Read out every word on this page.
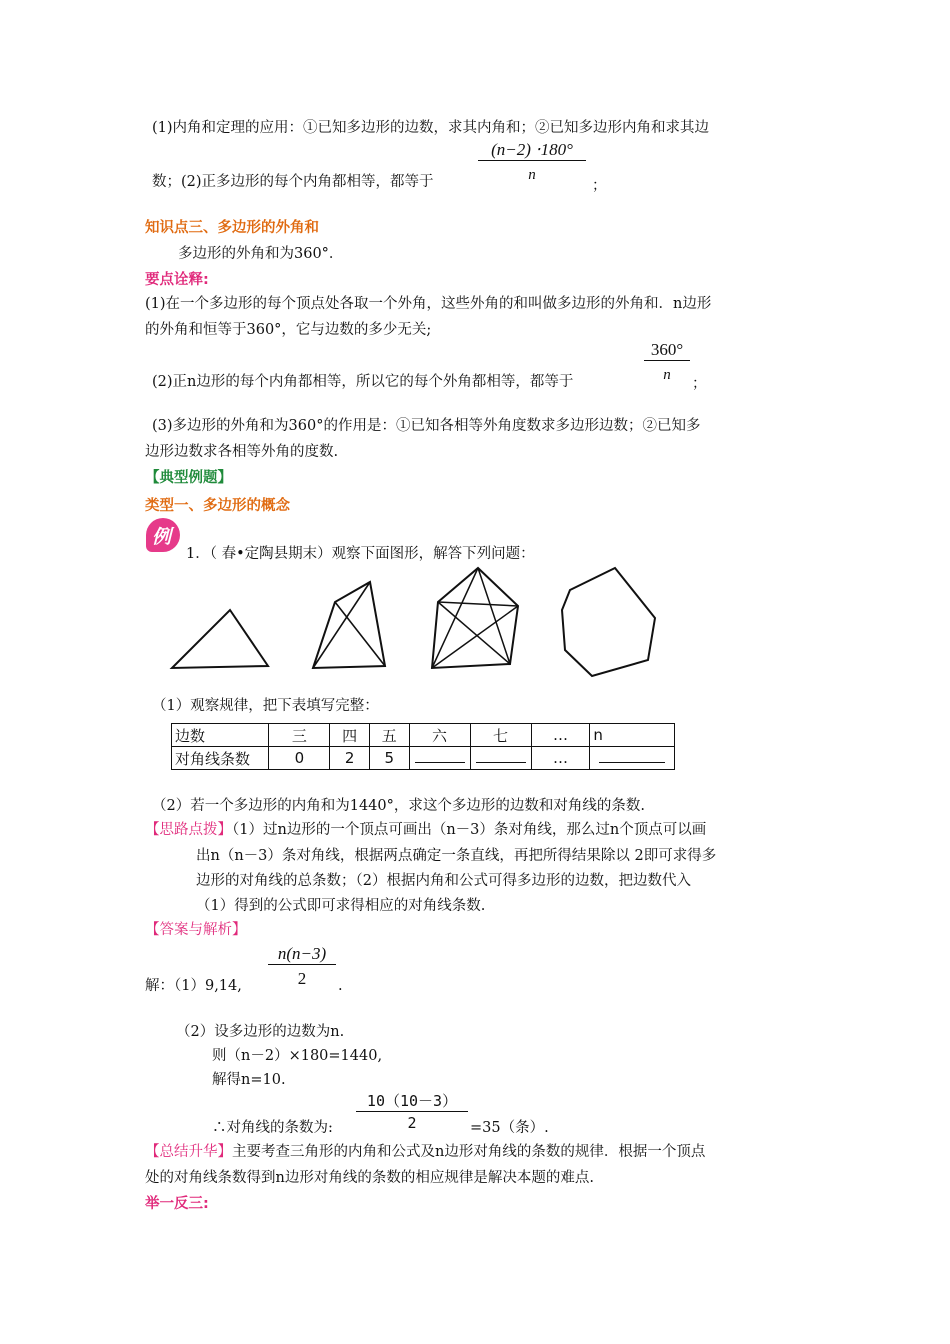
(1)内角和定理的应用：①已知多边形的边数，求其内角和；②已知多边形内角和求其边
$\frac{(n-2) \cdot 180^\circ}{n}$
数；(2)正多边形的每个内角都相等，都等于	；
知识点三、多边形的外角和
多边形的外角和为360°．
要点诠释:
(1)在一个多边形的每个顶点处各取一个外角，这些外角的和叫做多边形的外角和．n边形
的外角和恒等于360°，它与边数的多少无关;
$\frac{360^\circ}{n}$
(2)正n边形的每个内角都相等，所以它的每个外角都相等，都等于	；
(3)多边形的外角和为360°的作用是：①已知各相等外角度数求多边形边数；②已知多
边形边数求各相等外角的度数.
【典型例题】
类型一、多边形的概念
例
1．（ 春•定陶县期末）观察下面图形，解答下列问题：
（1）观察规律，把下表填写完整：
边数	三	四	五	六	七	…	n
对角线条数	0	2	5			…	
（2）若一个多边形的内角和为1440°，求这个多边形的边数和对角线的条数.
【思路点拨】（1）过n边形的一个顶点可画出（n－3）条对角线，那么过n个顶点可以画
出n（n－3）条对角线，根据两点确定一条直线，再把所得结果除以 2即可求得多
边形的对角线的总条数；（2）根据内角和公式可得多边形的边数，把边数代入
（1）得到的公式即可求得相应的对角线条数.
【答案与解析】
$\frac{n(n-3)}{2}$
解：（1）9,14,	.
（2）设多边形的边数为n.
则（n－2）×180=1440,
解得n=10.
$\frac{10(10-3)}{2}$
∴对角线的条数为:	=35（条）.
【总结升华】主要考查三角形的内角和公式及n边形对角线的条数的规律．根据一个顶点
处的对角线条数得到n边形对角线的条数的相应规律是解决本题的难点.
举一反三:
